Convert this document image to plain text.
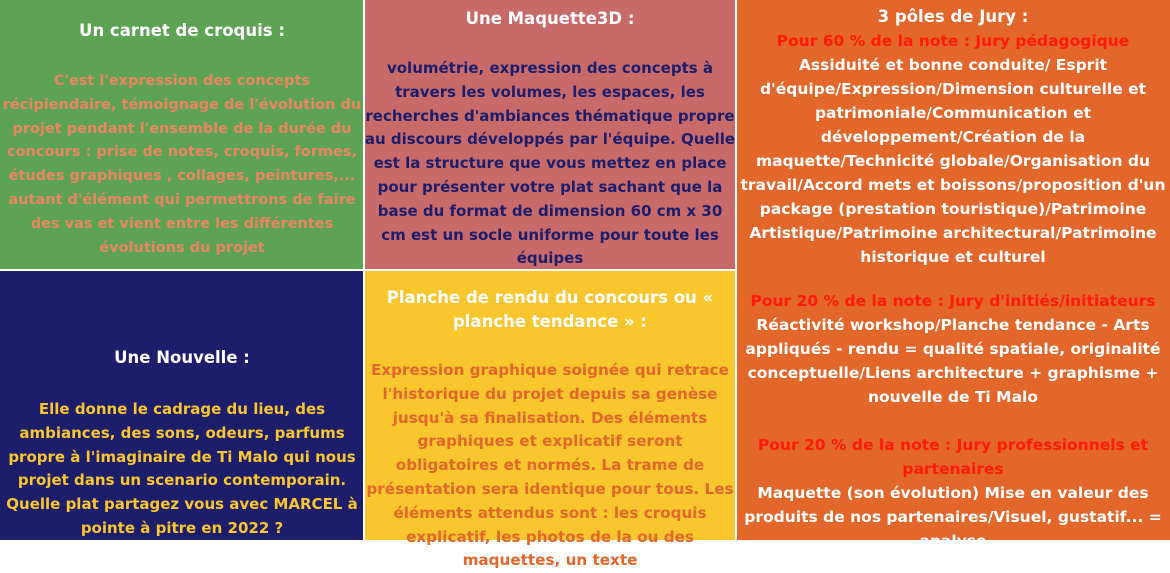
Un carnet de croquis :

C'est l'expression des concepts récipiendaire, témoignage de l'évolution du projet pendant l'ensemble de la durée du concours : prise de notes, croquis, formes, études graphiques , collages, peintures,... autant d'élément qui permettrons de faire des vas et vient entre les différentes évolutions du projet

Une Maquette3D :

volumétrie, expression des concepts à travers les volumes, les espaces, les recherches d'ambiances thématique propre au discours développés par l'équipe. Quelle est la structure que vous mettez en place pour présenter votre plat sachant que la base du format de dimension 60 cm x 30 cm est un socle uniforme pour toute les équipes

3 pôles de Jury :
Pour 60 % de la note : Jury pédagogique
Assiduité et bonne conduite/ Esprit d'équipe/Expression/Dimension culturelle et patrimoniale/Communication et développement/Création de la maquette/Technicité globale/Organisation du travail/Accord mets et boissons/proposition d'un package (prestation touristique)/Patrimoine Artistique/Patrimoine architectural/Patrimoine historique et culturel
Pour 20 % de la note : Jury d'initiés/initiateurs
Réactivité workshop/Planche tendance - Arts appliqués - rendu = qualité spatiale, originalité conceptuelle/Liens architecture + graphisme + nouvelle de Ti Malo
Pour 20 % de la note : Jury professionnels et partenaires
Maquette (son évolution) Mise en valeur des produits de nos partenaires/Visuel, gustatif... = analyse
Une Nouvelle :

Elle donne le cadrage du lieu, des ambiances, des sons, odeurs, parfums propre à l'imaginaire de Ti Malo qui nous projet dans un scenario contemporain. Quelle plat partagez vous avec MARCEL à pointe à pitre en 2022 ?

Planche de rendu du concours ou « planche tendance » :

Expression graphique soignée qui retrace l'historique du projet depuis sa genèse jusqu'à sa finalisation. Des éléments graphiques et explicatif seront obligatoires et normés. La trame de présentation sera identique pour tous. Les éléments attendus sont : les croquis explicatif, les photos de la ou des maquettes, un texte
